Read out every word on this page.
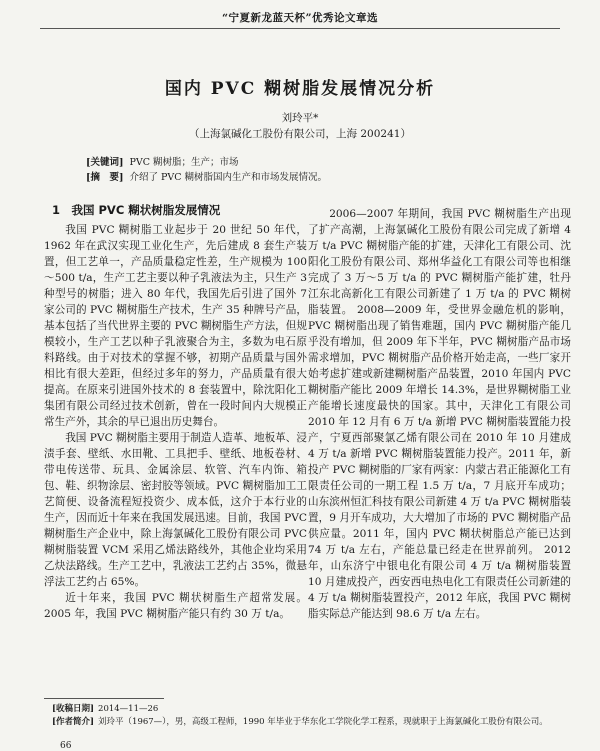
“宁夏新龙蓝天杯”优秀论文章选
国内 PVC 糊树脂发展情况分析
刘玲平*
（上海氯碱化工股份有限公司，上海 200241）
[关键词] PVC 糊树脂；生产；市场
[摘　要] 介绍了 PVC 糊树脂国内生产和市场发展情况。
1　我国 PVC 糊状树脂发展情况

我国 PVC 糊树脂工业起步于 20 世纪 50 年代，1962 年在武汉实现工业化生产，先后建成 8 套生产装置，但工艺单一，产品质量稳定性差，生产规模为 100～500 t/a，生产工艺主要以种子乳液法为主，只生产 3 种型号的树脂；进入 80 年代，我国先后引进了国外 7 家公司的 PVC 糊树脂生产技术，生产 35 种牌号产品，基本包括了当代世界主要的 PVC 糊树脂生产方法，但规模较小，生产工艺以种子乳液聚合为主，多数为电石原料路线。由于对技术的掌握不够，初期产品质量与国外相比有很大差距，但经过多年的努力，产品质量有很大提高。在原来引进国外技术的 8 套装置中，除沈阳化工集团有限公司经过技术创新，曾在一段时间内大规模正常生产外，其余的早已退出历史舞台。

我国 PVC 糊树脂主要用于制造人造革、地板革、浸渍手套、壁纸、水田靴、工具把手、壁纸、地板卷材、带电传送带、玩具、金属涂层、软管、汽车内饰、箱包、鞋、织物涂层、密封胶等领域。PVC 糊树脂加工工艺简便、设备流程短投资少、成本低，这介于本行业的生产，因而近十年来在我国发展迅速。目前，我国 PVC 糊树脂生产企业中，除上海氯碱化工股份有限公司 PVC 糊树脂装置 VCM 采用乙烯法路线外，其他企业均采用乙炔法路线。生产工艺中，乳液法工艺约占 35%，微悬浮法工艺约占 65%。

近十年来，我国 PVC 糊状树脂生产超常发展。 2005 年，我国 PVC 糊树脂产能只有约 30 万 t/a。

2006—2007 年期间，我国 PVC 糊树脂生产出现了扩产高潮，上海氯碱化工股份有限公司完成了新增 4 万 t/a PVC 糊树脂产能的扩建，天津化工有限公司、沈阳化工股份有限公司、郑州华益化工有限公司等也相继完成了 3 万～5 万 t/a 的 PVC 糊树脂产能扩建，牡丹江东北高新化工有限公司新建了 1 万 t/a 的 PVC 糊树脂装置。 2008—2009 年，受世界金融危机的影响，PVC 糊树脂出现了销售难题，国内 PVC 糊树脂产能几乎没有增加，但 2009 年下半年，PVC 糊树脂产品市场需求增加，PVC 糊树脂产品价格开始走高，一些厂家开始考虑扩建或新建糊树脂产品装置，2010 年国内 PVC 糊树脂产能比 2009 年增长 14.3%，是世界糊树脂工业产能增长速度最快的国家。其中，天津化工有限公司 2010 年 12 月有 6 万 t/a 新增 PVC 糊树脂装置能力投产，宁夏西部聚氯乙烯有限公司在 2010 年 10 月建成 4 万 t/a 新增 PVC 糊树脂装置能力投产。2011 年，新投产 PVC 糊树脂的厂家有两家：内蒙古君正能源化工有限责任公司的一期工程 1.5 万 t/a，7 月底开车成功；山东滨州恒汇科技有限公司新建 4 万 t/a PVC 糊树脂装置，9 月开车成功，大大增加了市场的 PVC 糊树脂产品供应量。2011 年，国内 PVC 糊状树脂总产能已达到 74 万 t/a 左右，产能总量已经走在世界前列。 2012 年，山东济宁中银电化有限公司 4 万 t/a 糊树脂装置 10 月建成投产，西安西电热电化工有限责任公司新建的 4 万 t/a 糊树脂装置投产，2012 年底，我国 PVC 糊树脂实际总产能达到 98.6 万 t/a 左右。

[收稿日期] 2014—11—26
[作者简介] 刘玲平（1967—），男，高级工程师，1990 年毕业于华东化工学院化学工程系，现就职于上海氯碱化工股份有限公司。
66
